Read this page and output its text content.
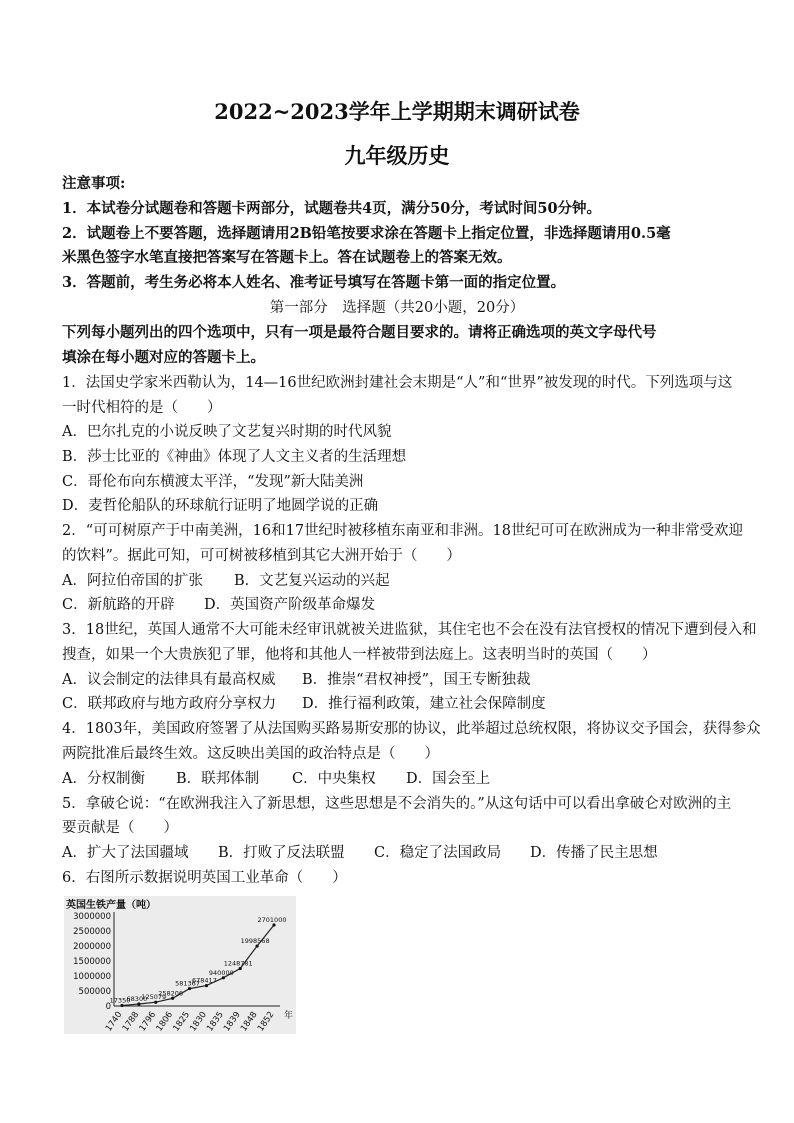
2022~2023学年上学期期末调研试卷
九年级历史
注意事项:
1．本试卷分试题卷和答题卡两部分，试题卷共4页，满分50分，考试时间50分钟。
2．试题卷上不要答题，选择题请用2B铅笔按要求涂在答题卡上指定位置，非选择题请用0.5毫
米黑色签字水笔直接把答案写在答题卡上。答在试题卷上的答案无效。
3．答题前，考生务必将本人姓名、准考证号填写在答题卡第一面的指定位置。
第一部分　选择题（共20小题，20分）
下列每小题列出的四个选项中，只有一项是最符合题目要求的。请将正确选项的英文字母代号
填涂在每小题对应的答题卡上。
1．法国史学家米西勒认为，14—16世纪欧洲封建社会末期是“人”和“世界”被发现的时代。下列选项与这
一时代相符的是（　　）
A．巴尔扎克的小说反映了文艺复兴时期的时代风貌
B．莎士比亚的《神曲》体现了人文主义者的生活理想
C．哥伦布向东横渡太平洋，“发现”新大陆美洲
D．麦哲伦船队的环球航行证明了地圆学说的正确
2．“可可树原产于中南美洲，16和17世纪时被移植东南亚和非洲。18世纪可可在欧洲成为一种非常受欢迎
的饮料”。据此可知，可可树被移植到其它大洲开始于（　　）
A．阿拉伯帝国的扩张 B．文艺复兴运动的兴起
C．新航路的开辟 D．英国资产阶级革命爆发
3．18世纪，英国人通常不大可能未经审讯就被关进监狱，其住宅也不会在没有法官授权的情况下遭到侵入和
搜查，如果一个大贵族犯了罪，他将和其他人一样被带到法庭上。这表明当时的英国（　　）
A．议会制定的法律具有最高权威 B．推崇“君权神授”，国王专断独裁
C．联邦政府与地方政府分享权力 D．推行福利政策，建立社会保障制度
4．1803年，美国政府签署了从法国购买路易斯安那的协议，此举超过总统权限，将协议交予国会，获得参众
两院批准后最终生效。这反映出美国的政治特点是（　　）
A．分权制衡 B．联邦体制 C．中央集权 D．国会至上
5．拿破仑说：“在欧洲我注入了新思想，这些思想是不会消失的。”从这句话中可以看出拿破仑对欧洲的主
要贡献是（　　）
A．扩大了法国疆域 B．打败了反法联盟 C．稳定了法国政局 D．传播了民主思想
6．右图所示数据说明英国工业革命（　　）
英国生铁产量（吨）
3000000
2500000
2000000
1500000
1000000
500000
0
17350
68300
125079
258206
581367
678417
940000
1248781
1998568
2701000
1740
1788
1796
1806
1825
1830
1835
1839
1848
1852 年
